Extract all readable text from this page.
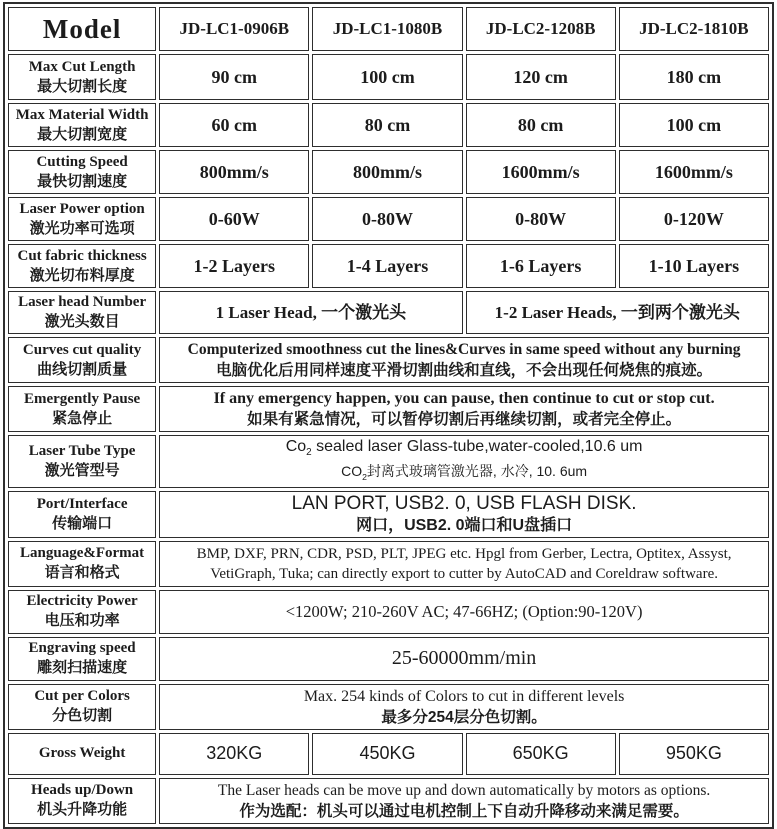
Model	JD-LC1-0906B	JD-LC1-1080B	JD-LC2-1208B	JD-LC2-1810B

Max Cut Length
最大切割长度	90 cm	100 cm	120 cm	180 cm

Max Material Width
最大切割宽度	60 cm	80 cm	80 cm	100 cm

Cutting Speed
最快切割速度	800mm/s	800mm/s	1600mm/s	1600mm/s

Laser Power option
激光功率可选项	0-60W	0-80W	0-80W	0-120W

Cut fabric thickness
激光切布料厚度	1-2 Layers	1-4 Layers	1-6 Layers	1-10 Layers

Laser head Number
激光头数目	1 Laser Head, 一个激光头		1-2 Laser Heads, 一到两个激光头	

Curves cut quality
曲线切割质量	Computerized smoothness cut the lines&Curves in same speed without any burning
电脑优化后用同样速度平滑切割曲线和直线，不会出现任何烧焦的痕迹。			

Emergently Pause
紧急停止	If any emergency happen, you can pause, then continue to cut or stop cut.
如果有紧急情况，可以暂停切割后再继续切割，或者完全停止。			

Laser Tube Type
激光管型号	$Co_2$ sealed laser Glass-tube,water-cooled,10.6 um
$CO_2$封离式玻璃管激光器, 水冷, 10. 6um			

Port/Interface
传输端口	LAN PORT, USB2. 0, USB FLASH DISK.
网口，USB2. 0端口和U盘插口			

Language&Format
语言和格式	BMP, DXF, PRN, CDR, PSD, PLT, JPEG etc. Hpgl from Gerber, Lectra, Optitex, Assyst,
VetiGraph, Tuka; can directly export to cutter by AutoCAD and Coreldraw software.			

Electricity Power
电压和功率	<1200W; 210-260V AC; 47-66HZ; (Option:90-120V)			

Engraving speed
雕刻扫描速度	25-60000mm/min			

Cut per Colors
分色切割	Max. 254 kinds of Colors to cut in different levels
最多分254层分色切割。			

Gross Weight	320KG	450KG	650KG	950KG

Heads up/Down
机头升降功能	The Laser heads can be move up and down automatically by motors as options.
作为选配：机头可以通过电机控制上下自动升降移动来满足需要。			
